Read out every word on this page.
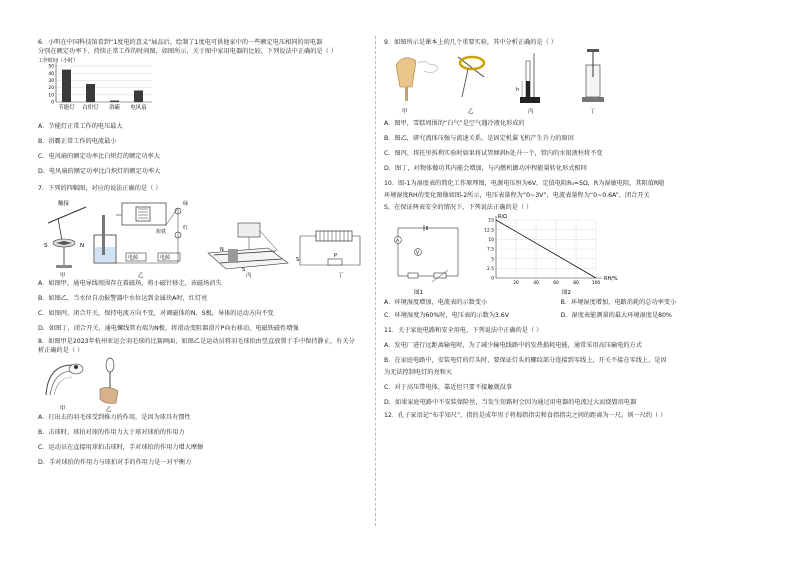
6．小明在中国科技馆看到“1度电的意义”展品后，绘制了1度电可供他家中的一些额定电压相同的用电器

分别在额定功率下、持续正常工作的时间图，如图所示，关于图中家用电器的比较，下列说法中正确的是（ ）

工作时间（小时）
0
10
20
30
40
50
节能灯 白炽灯 浴霸 电风扇

A．节能灯正常工作的电压最大

B．浴霸正常工作的电流最小

C．电风扇的额定功率比白炽灯的额定功率大

D．电风扇的额定功率比白炽灯的额定功率大

7．下列的四幅图，对应的说法正确的是（ ）

触接
S	N
甲
电源
衔铁
绿
红
电源
乙
N
S
丙
P
S
丁

A．如图甲，通电导线周围存在着磁场，将小磁针移走，该磁场消失

B．如图乙，当水位自动报警器中水位达到金属块A时，红灯亮

C．如图丙，闭合开关，保持电流方向不变，对调磁体的N、S极，导体的运动方向不变

D．如图丁，闭合开关，通电螺线管右端为N极，将滑动变阻器滑片P向右移动，电磁铁磁性增强

8．如图甲是2023年杭州亚运会羽毛球的比赛画面，如图乙是运动员将羽毛球拍由竖直放置于手中保持静止，有关分

析正确的是（ ）

甲	乙

A．打出去的羽毛球受到推力的作用，是因为球具有惯性

B．击球时，球拍对球的作用力大于球对球拍的作用力

C．运动员在直接用球拍击球时，手对球拍的作用力增大摩擦

D．手对球拍的作用力与球拍对手的作用力是一对平衡力

9．如图所示是课本上的几个重要实验，其中分析正确的是（ ）

甲	乙
h
丙	丁

A．图甲，雪糕周围的“白气”是空气遇冷液化形成的

B．图乙，研究流体压强与流速关系，是固定机翼飞机产生升力的原因

C．图丙，将托里拆利实验时如果将试管倾斜h处升一个，管内的水银液柱将不变

D．图丁，对物体做功其内能会增加，与内燃机做功冲程能量转化形式相同

10．图-1为湿度表的简化工作原理图，电源电压恒为6V，定值电阻R₀=5Ω，R为湿敏电阻，其阻值R随

环境湿度RH的变化图像如图-2所示，电压表量程为“0~3V”，电流表量程为“0~0.6A”，闭合开关

S，在保证两表安全的情况下，下列说法正确的是（ ）

A
V
图1
R/Ω
RH/%
15
12.5
10
7.5
5
2.5
0
20	40	60	80	100
图2
A．环境湿度增加，电流表的示数变小	B．环境湿度增加，电路消耗的总功率变小
C．环境湿度为60%时，电压表的示数为3.6V	D．湿度表能测量的最大环境湿度是80%

11．关于家庭电路和安全用电，下列说法中正确的是（ ）

A．发电厂进行远距离输电时，为了减少输电线路中的发热损耗电能，通常采用高压输电的方式

B．在家庭电路中，安装电灯的灯头时，要保证灯头的螺纹部分连接到零线上，开关不接在零线上，是因

为无法控制电灯的亮和灭

C．对于高压带电体，靠近但只要不接触就没事

D．如果家庭电路中不安装保险丝，当发生短路时会因为通过用电器的电流过大而烧毁用电器

12．孔子家语记“布手知尺”，指的是成年男子将拇指指尖和食指指尖之间的距离为一尺，则一尺约（ ）
